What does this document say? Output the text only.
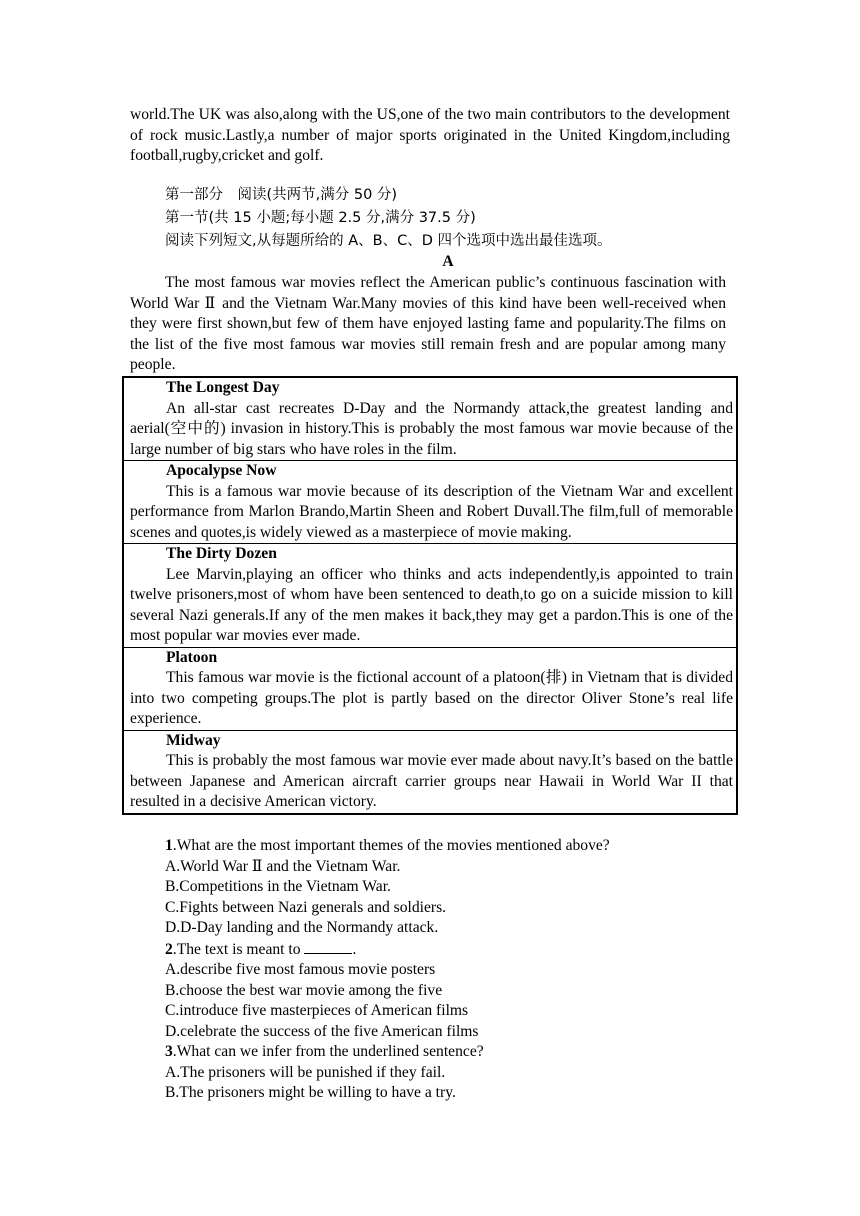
world.The UK was also,along with the US,one of the two main contributors to the development of rock music.Lastly,a number of major sports originated in the United Kingdom,including football,rugby,cricket and golf.

第一部分　阅读(共两节,满分 50 分)
第一节(共 15 小题;每小题 2.5 分,满分 37.5 分)
阅读下列短文,从每题所给的 A、B、C、D 四个选项中选出最佳选项。
A

The most famous war movies reflect the American public’s continuous fascination with World War Ⅱ and the Vietnam War.Many movies of this kind have been well-received when they were first shown,but few of them have enjoyed lasting fame and popularity.The films on the list of the five most famous war movies still remain fresh and are popular among many people.

The Longest Day

An all-star cast recreates D-Day and the Normandy attack,the greatest landing and aerial(空中的) invasion in history.This is probably the most famous war movie because of the large number of big stars who have roles in the film.

Apocalypse Now

This is a famous war movie because of its description of the Vietnam War and excellent performance from Marlon Brando,Martin Sheen and Robert Duvall.The film,full of memorable scenes and quotes,is widely viewed as a masterpiece of movie making.

The Dirty Dozen

Lee Marvin,playing an officer who thinks and acts independently,is appointed to train twelve prisoners,most of whom have been sentenced to death,to go on a suicide mission to kill several Nazi generals.If any of the men makes it back,they may get a pardon.This is one of the most popular war movies ever made.

Platoon

This famous war movie is the fictional account of a platoon(排) in Vietnam that is divided into two competing groups.The plot is partly based on the director Oliver Stone’s real life experience.

Midway

This is probably the most famous war movie ever made about navy.It’s based on the battle between Japanese and American aircraft carrier groups near Hawaii in World War II that resulted in a decisive American victory.

1.What are the most important themes of the movies mentioned above?

A.World War Ⅱ and the Vietnam War.

B.Competitions in the Vietnam War.

C.Fights between Nazi generals and soldiers.

D.D-Day landing and the Normandy attack.

2.The text is meant to	.

A.describe five most famous movie posters

B.choose the best war movie among the five

C.introduce five masterpieces of American films

D.celebrate the success of the five American films

3.What can we infer from the underlined sentence?

A.The prisoners will be punished if they fail.

B.The prisoners might be willing to have a try.
